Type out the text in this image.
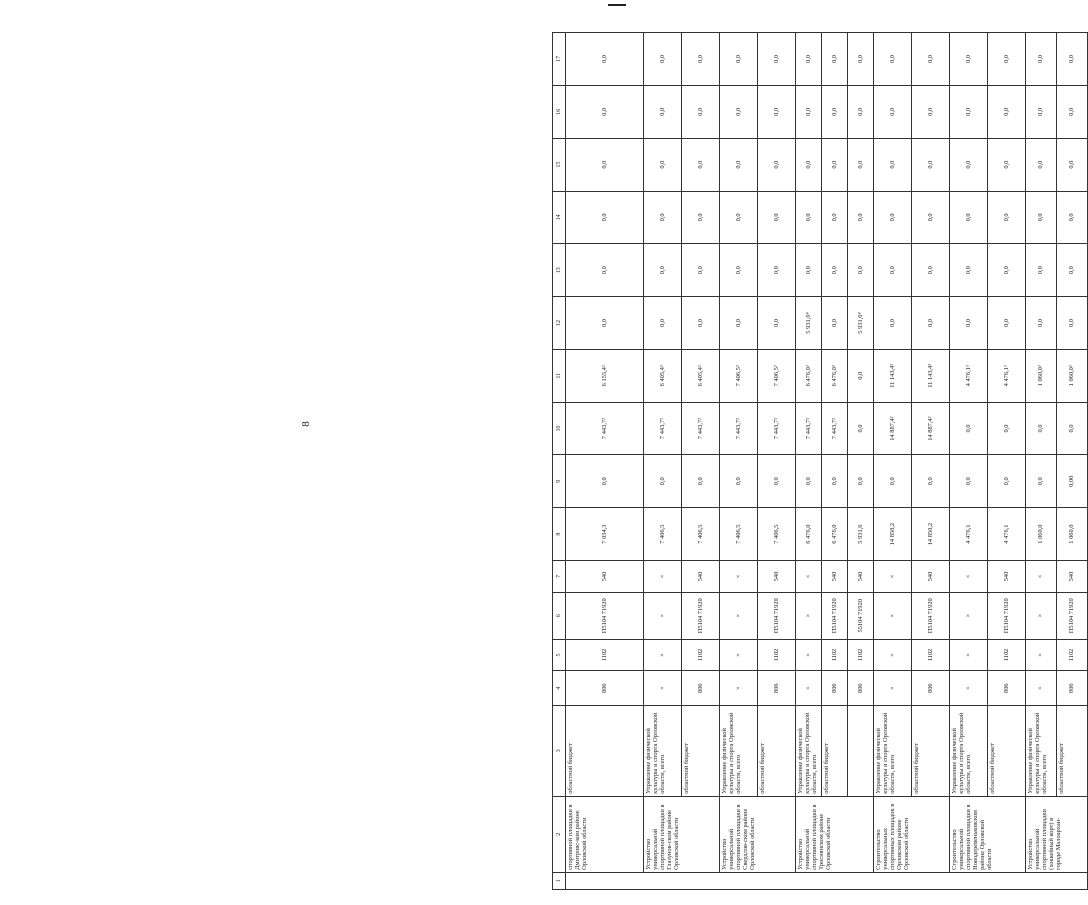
8
1	2	3	4	5	6	7	8	9	10	11	12	13	14	15	16	17
	спортивной площадки в Дмитровс-ком районе Орловской области	областной бюджет	806	1102	П5104 71920	540	7 034,3	0,0	7 443,7²	6 155,4³	0,0	0,0	0,0	0,0	0,0	0,0
	Устройство универсальной спортивной площадки в Глазунов-ском районе Орловской области	Управление физической культуры и спорта Орловской области, всего	×	×	×	×	7 406,5	0,0	7 443,7²	6 405,4³	0,0	0,0	0,0	0,0	0,0	0,0
		областной бюджет	806	1102	П5104 71920	540	7 406,5	0,0	7 443,7²	6 405,4³	0,0	0,0	0,0	0,0	0,0	0,0
	Устройство универсальной спортивной площадки в Свердлов-ском районе Орловской области	Управление физической культуры и спорта Орловской области, всего	×	×	×	×	7 406,5	0,0	7 443,7²	7 406,5³	0,0	0,0	0,0	0,0	0,0	0,0
		областной бюджет	806	1102	П5104 71920	540	7 406,5	0,0	7 443,7²	7 406,5³	0,0	0,0	0,0	0,0	0,0	0,0
	Устройство универсальной спортивной площадки в Троснянском районе Орловской области	Управление физической культуры и спорта Орловской области, всего	×	×	×	×	6 476,0	0,0	7 443,7²	6 476,0³	5 931,6⁴	0,0	0,0	0,0	0,0	0,0
		областной бюджет	806	1102	П5104 71920	540	6 476,0	0,0	7 443,7²	6 476,0³	0,0	0,0	0,0	0,0	0,0	0,0
			806	1102	55104 71920	540	5 931,6	0,0	0,0	0,0	5 931,6⁴	0,0	0,0	0,0	0,0	0,0
	Строительство универсальных спортивных площадок в Орловском районе Орловской области	Управление физической культуры и спорта Орловской области, всего	×	×	×	×	14 850,2	0,0	14 887,4²	11 143,4³	0,0	0,0	0,0	0,0	0,0	0,0
		областной бюджет	806	1102	П5104 71920	540	14 850,2	0,0	14 887,4²	11 143,4³	0,0	0,0	0,0	0,0	0,0	0,0
	Строительство универсальной спортивной площадки в Новодеревеньковском районе Орловской области	Управление физической культуры и спорта Орловской области, всего	×	×	×	×	4 476,1	0,0	0,0	4 476,1³	0,0	0,0	0,0	0,0	0,0	0,0
		областной бюджет	806	1102	П5104 71920	540	4 476,1	0,0	0,0	4 476,1³	0,0	0,0	0,0	0,0	0,0	0,0
	Устройство универсальной спортивной площадки (хоккейный корт) в городе Малоархан-	Управление физической культуры и спорта Орловской области, всего	×	×	×	×	1 060,0	0,0	0,0	1 060,0³	0,0	0,0	0,0	0,0	0,0	0,0
		областной бюджет	806	1102	П5104 71920	540	1 060,0	0,00	0,0	1 060,0³	0,0	0,0	0,0	0,0	0,0	0,0
